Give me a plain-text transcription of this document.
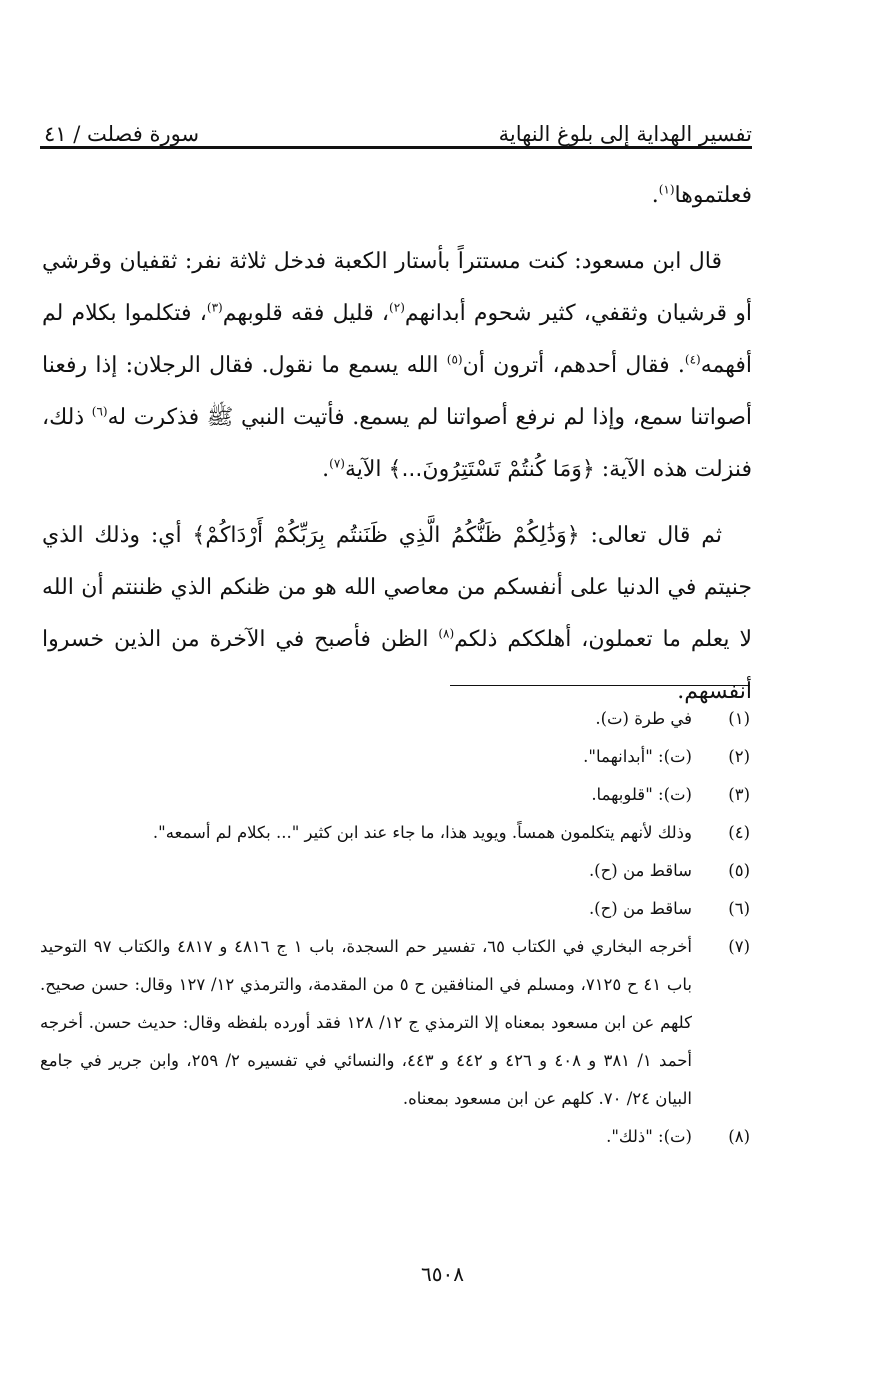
تفسير الهداية إلى بلوغ النهاية
سورة فصلت / ٤١

فعلتموها$^{(١)}$.

قال ابن مسعود: كنت مستتراً بأستار الكعبة فدخل ثلاثة نفر: ثقفيان وقرشي أو قرشيان وثقفي، كثير شحوم أبدانهم$^{(٢)}$، قليل فقه قلوبهم$^{(٣)}$، فتكلموا بكلام لم أفهمه$^{(٤)}$. فقال أحدهم، أترون أن$^{(٥)}$ الله يسمع ما نقول. فقال الرجلان: إذا رفعنا أصواتنا سمع، وإذا لم نرفع أصواتنا لم يسمع. فأتيت النبي ﷺ فذكرت له$^{(٦)}$ ذلك، فنزلت هذه الآية: ﴿وَمَا كُنتُمْ تَسْتَتِرُونَ...﴾ الآية$^{(٧)}$.

ثم قال تعالى: ﴿وَذَٰلِكُمْ ظَنُّكُمُ الَّذِي ظَنَنتُم بِرَبِّكُمْ أَرْدَاكُمْ﴾ أي: وذلك الذي جنيتم في الدنيا على أنفسكم من معاصي الله هو من ظنكم الذي ظننتم أن الله لا يعلم ما تعملون، أهلككم ذلكم$^{(٨)}$ الظن فأصبح في الآخرة من الذين خسروا أنفسهم.

(١)
في طرة (ت).
(٢)
(ت): "أبدانهما".
(٣)
(ت): "قلوبهما.
(٤)
وذلك لأنهم يتكلمون همساً. ويويد هذا، ما جاء عند ابن كثير "... بكلام لم أسمعه".
(٥)
ساقط من (ح).
(٦)
ساقط من (ح).
(٧)
أخرجه البخاري في الكتاب ٦٥، تفسير حم السجدة، باب ١ ج ٤٨١٦ و ٤٨١٧ والكتاب ٩٧ التوحيد باب ٤١ ح ٧١٢٥، ومسلم في المنافقين ح ٥ من المقدمة، والترمذي ١٢/ ١٢٧ وقال: حسن صحيح. كلهم عن ابن مسعود بمعناه إلا الترمذي ج ١٢/ ١٢٨ فقد أورده بلفظه وقال: حديث حسن. أخرجه أحمد ١/ ٣٨١ و ٤٠٨ و ٤٢٦ و ٤٤٢ و ٤٤٣، والنسائي في تفسيره ٢/ ٢٥٩، وابن جرير في جامع البيان ٢٤/ ٧٠. كلهم عن ابن مسعود بمعناه.
(٨)
(ت): "ذلك".
٦٥٠٨
